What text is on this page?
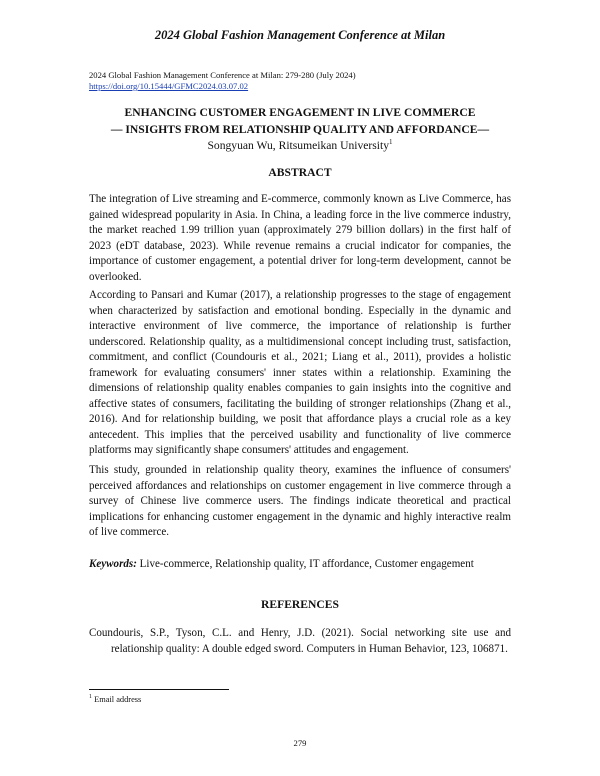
2024 Global Fashion Management Conference at Milan
2024 Global Fashion Management Conference at Milan: 279-280 (July 2024)
https://doi.org/10.15444/GFMC2024.03.07.02
ENHANCING CUSTOMER ENGAGEMENT IN LIVE COMMERCE
— INSIGHTS FROM RELATIONSHIP QUALITY AND AFFORDANCE—
Songyuan Wu, Ritsumeikan University$^1$
ABSTRACT

The integration of Live streaming and E-commerce, commonly known as Live Commerce, has gained widespread popularity in Asia. In China, a leading force in the live commerce industry, the market reached 1.99 trillion yuan (approximately 279 billion dollars) in the first half of 2023 (eDT database, 2023). While revenue remains a crucial indicator for companies, the importance of customer engagement, a potential driver for long-term development, cannot be overlooked.

According to Pansari and Kumar (2017), a relationship progresses to the stage of engagement when characterized by satisfaction and emotional bonding. Especially in the dynamic and interactive environment of live commerce, the importance of relationship is further underscored. Relationship quality, as a multidimensional concept including trust, satisfaction, commitment, and conflict (Coundouris et al., 2021; Liang et al., 2011), provides a holistic framework for evaluating consumers' inner states within a relationship. Examining the dimensions of relationship quality enables companies to gain insights into the cognitive and affective states of consumers, facilitating the building of stronger relationships (Zhang et al., 2016). And for relationship building, we posit that affordance plays a crucial role as a key antecedent. This implies that the perceived usability and functionality of live commerce platforms may significantly shape consumers' attitudes and engagement.

This study, grounded in relationship quality theory, examines the influence of consumers' perceived affordances and relationships on customer engagement in live commerce through a survey of Chinese live commerce users. The findings indicate theoretical and practical implications for enhancing customer engagement in the dynamic and highly interactive realm of live commerce.

Keywords: Live-commerce, Relationship quality, IT affordance, Customer engagement
REFERENCES
Coundouris, S.P., Tyson, C.L. and Henry, J.D. (2021). Social networking site use and relationship quality: A double edged sword. Computers in Human Behavior, 123, 106871.
$^1$ Email address
279
